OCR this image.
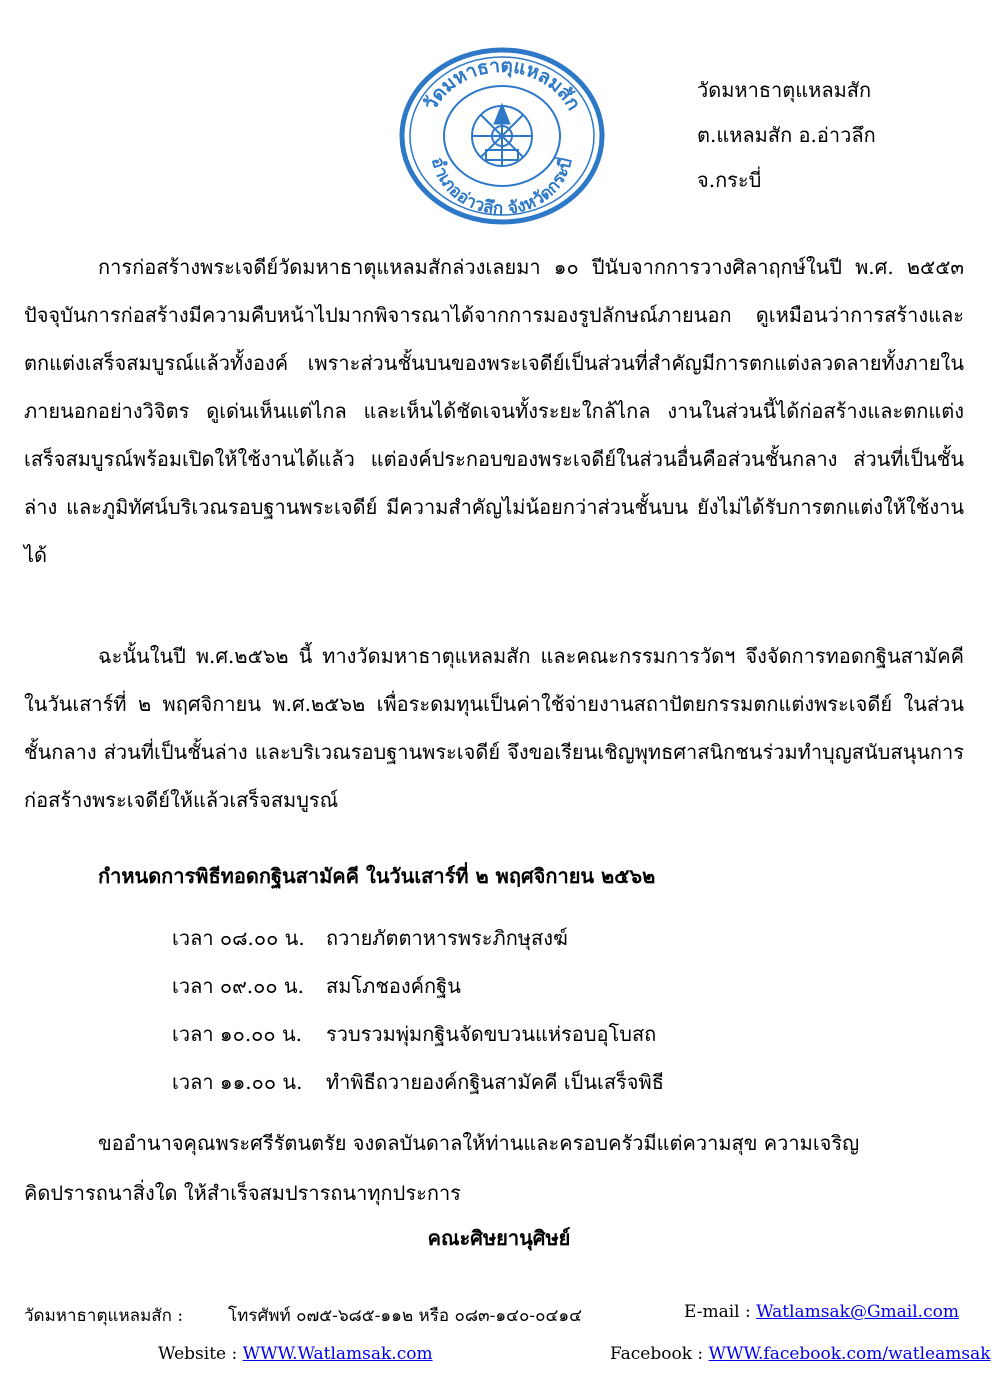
วัดมหาธาตุแหลมสัก
อำเภออ่าวลึก จังหวัดกระบี่
วัดมหาธาตุแหลมสัก
ต.แหลมสัก อ.อ่าวลึก
จ.กระบี่
การก่อสร้างพระเจดีย์วัดมหาธาตุแหลมสักล่วงเลยมา ๑๐ ปีนับจากการวางศิลาฤกษ์ในปี พ.ศ. ๒๕๕๓ ปัจจุบันการก่อสร้างมีความคืบหน้าไปมากพิจารณาได้จากการมองรูปลักษณ์ภายนอก ดูเหมือนว่าการสร้างและตกแต่งเสร็จสมบูรณ์แล้วทั้งองค์ เพราะส่วนชั้นบนของพระเจดีย์เป็นส่วนที่สำคัญมีการตกแต่งลวดลายทั้งภายในภายนอกอย่างวิจิตร ดูเด่นเห็นแต่ไกล และเห็นได้ชัดเจนทั้งระยะใกล้ไกล งานในส่วนนี้ได้ก่อสร้างและตกแต่งเสร็จสมบูรณ์พร้อมเปิดให้ใช้งานได้แล้ว แต่องค์ประกอบของพระเจดีย์ในส่วนอื่นคือส่วนชั้นกลาง ส่วนที่เป็นชั้นล่าง และภูมิทัศน์บริเวณรอบฐานพระเจดีย์ มีความสำคัญไม่น้อยกว่าส่วนชั้นบน ยังไม่ได้รับการตกแต่งให้ใช้งานได้
ฉะนั้นในปี พ.ศ.๒๕๖๒ นี้ ทางวัดมหาธาตุแหลมสัก และคณะกรรมการวัดฯ จึงจัดการทอดกฐินสามัคคีในวันเสาร์ที่ ๒ พฤศจิกายน พ.ศ.๒๕๖๒ เพื่อระดมทุนเป็นค่าใช้จ่ายงานสถาปัตยกรรมตกแต่งพระเจดีย์ ในส่วนชั้นกลาง ส่วนที่เป็นชั้นล่าง และบริเวณรอบฐานพระเจดีย์ จึงขอเรียนเชิญพุทธศาสนิกชนร่วมทำบุญสนับสนุนการก่อสร้างพระเจดีย์ให้แล้วเสร็จสมบูรณ์
กำหนดการพิธีทอดกฐินสามัคคี ในวันเสาร์ที่ ๒ พฤศจิกายน ๒๕๖๒
เวลา ๐๘.๐๐ น.	ถวายภัตตาหารพระภิกษุสงฆ์
เวลา ๐๙.๐๐ น.	สมโภชองค์กฐิน
เวลา ๑๐.๐๐ น.	รวบรวมพุ่มกฐินจัดขบวนแห่รอบอุโบสถ
เวลา ๑๑.๐๐ น.	ทำพิธีถวายองค์กฐินสามัคคี เป็นเสร็จพิธี
ขออำนาจคุณพระศรีรัตนตรัย จงดลบันดาลให้ท่านและครอบครัวมีแต่ความสุข ความเจริญ
คิดปรารถนาสิ่งใด ให้สำเร็จสมปรารถนาทุกประการ
คณะศิษยานุศิษย์
วัดมหาธาตุแหลมสัก :	โทรศัพท์ ๐๗๕-๖๘๕-๑๑๒ หรือ ๐๘๓-๑๔๐-๐๔๑๔	E-mail : Watlamsak@Gmail.com
Website : WWW.Watlamsak.com	Facebook : WWW.facebook.com/watleamsak
